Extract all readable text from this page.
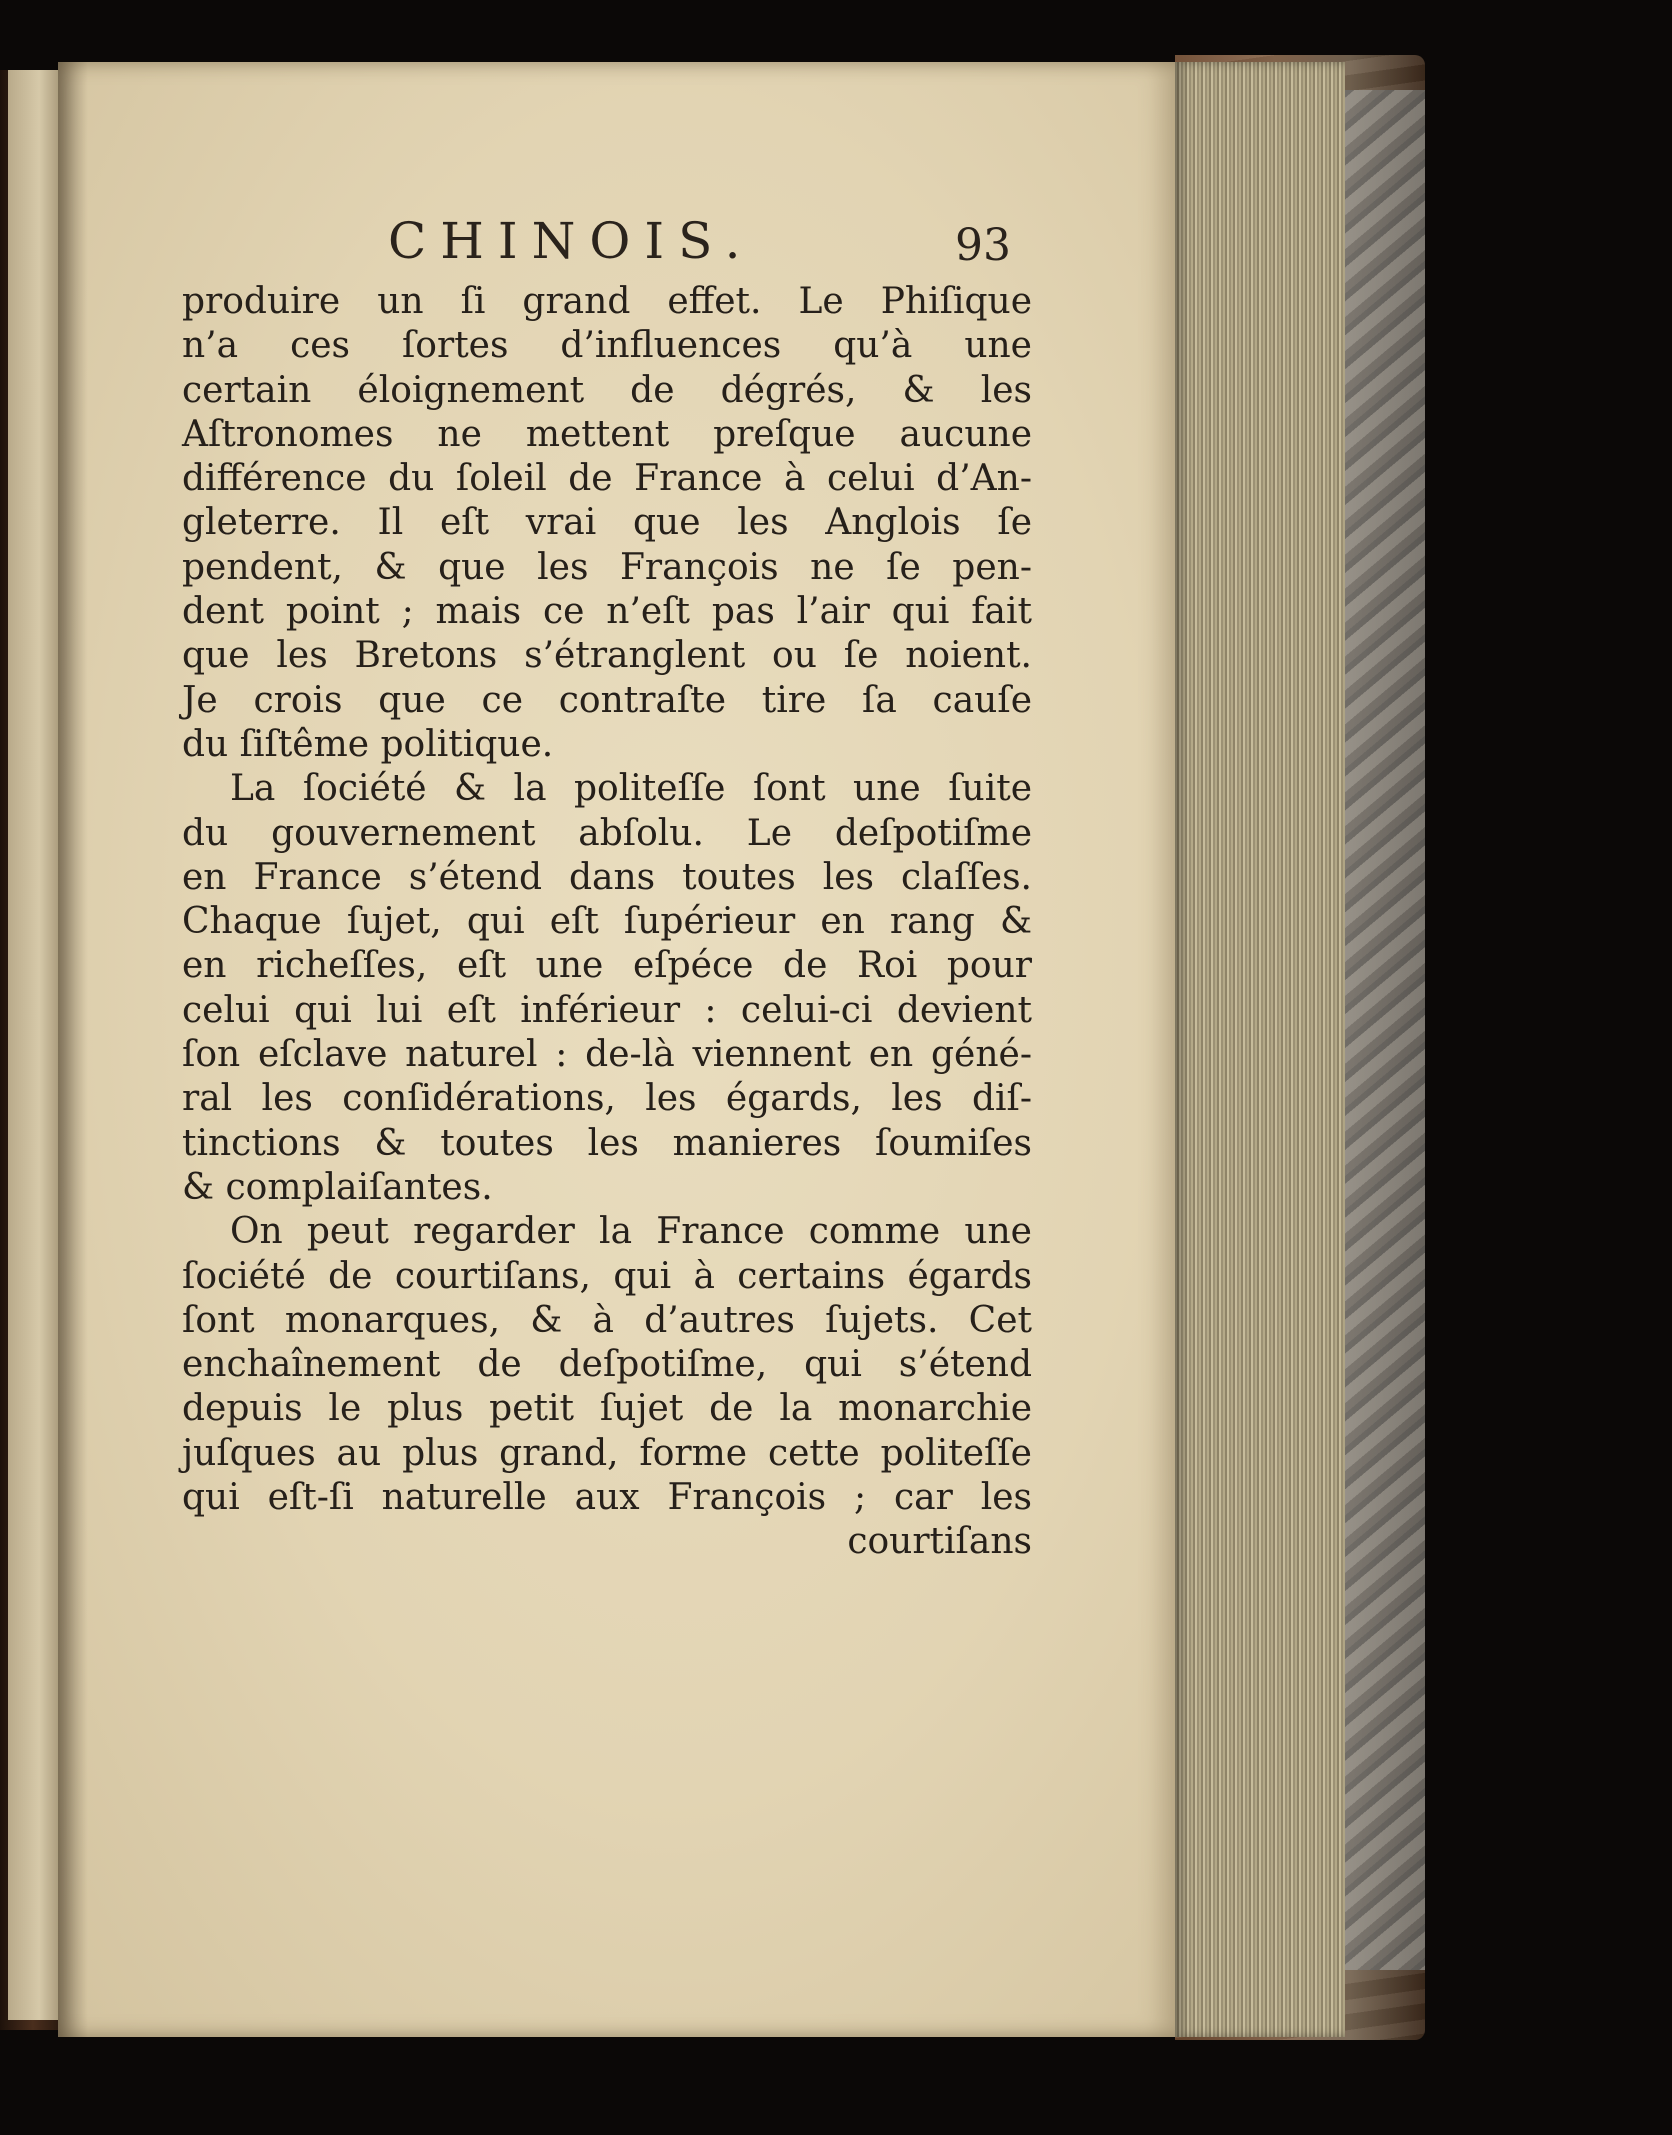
CHINOIS.	93
produire un ſi grand effet. Le Phiſique
n’a ces ſortes d’influences qu’à une
certain éloignement de dégrés, & les
Aſtronomes ne mettent preſque aucune
différence du ſoleil de France à celui d’An-
gleterre. Il eſt vrai que les Anglois ſe
pendent, & que les François ne ſe pen-
dent point ; mais ce n’eſt pas l’air qui fait
que les Bretons s’étranglent ou ſe noient.
Je crois que ce contraſte tire ſa cauſe
du ſiſtême politique.
La ſociété & la politeſſe ſont une ſuite
du gouvernement abſolu. Le deſpotiſme
en France s’étend dans toutes les claſſes.
Chaque ſujet, qui eſt ſupérieur en rang &
en richeſſes, eſt une eſpéce de Roi pour
celui qui lui eſt inférieur : celui-ci devient
ſon eſclave naturel : de-là viennent en géné-
ral les conſidérations, les égards, les diſ-
tinctions & toutes les manieres ſoumiſes
& complaiſantes.
On peut regarder la France comme une
ſociété de courtiſans, qui à certains égards
ſont monarques, & à d’autres ſujets. Cet
enchaînement de deſpotiſme, qui s’étend
depuis le plus petit ſujet de la monarchie
juſques au plus grand, forme cette politeſſe
qui eſt-ſi naturelle aux François ; car les
courtiſans
